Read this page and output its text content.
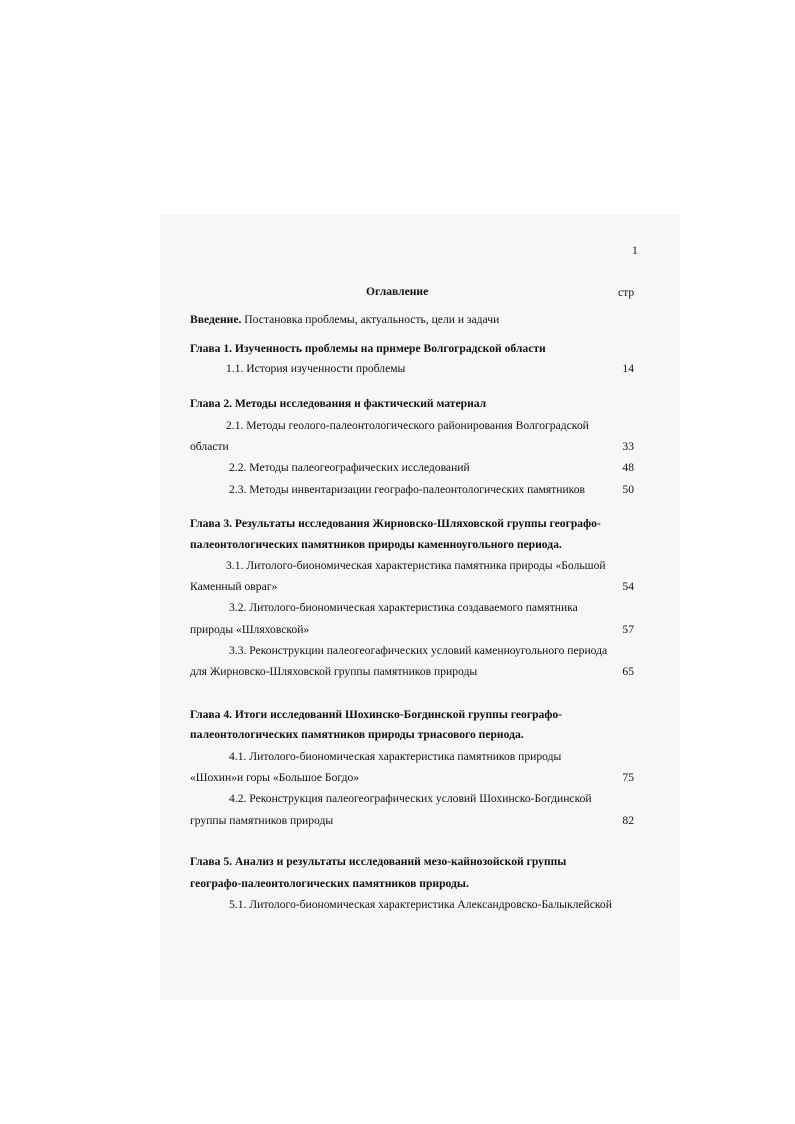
1
Оглавление	стр
Введение. Постановка проблемы, актуальность, цели и задачи
Глава 1. Изученность проблемы на примере Волгоградской области
1.1. История изученности проблемы	14
Глава 2. Методы исследования и фактический материал
2.1. Методы геолого-палеонтологического районирования Волгоградской
области	33
2.2. Методы палеогеографических исследований	48
2.3. Методы инвентаризации географо-палеонтологических памятников	50
Глава 3. Результаты исследования Жирновско-Шляховской группы географо-
палеонтологических памятников природы каменноугольного периода.
3.1. Литолого-биономическая характеристика памятника природы «Большой
Каменный овраг»	54
3.2. Литолого-биономическая характеристика создаваемого памятника
природы «Шляховской»	57
3.3. Реконструкции палеогеогафических условий каменноугольного периода
для Жирновско-Шляховской группы памятников природы	65
Глава 4. Итоги исследований Шохинско-Богдинской группы географо-
палеонтологических памятников природы триасового периода.
4.1. Литолого-биономическая характеристика памятников природы
«Шохин»и горы «Большое Богдо»	75
4.2. Реконструкция палеогеографических условий Шохинско-Богдинской
группы памятников природы	82
Глава 5. Анализ и результаты исследований мезо-кайнозойской группы
географо-палеонтологических памятников природы.
5.1. Литолого-биономическая характеристика Александровско-Балыклейской
